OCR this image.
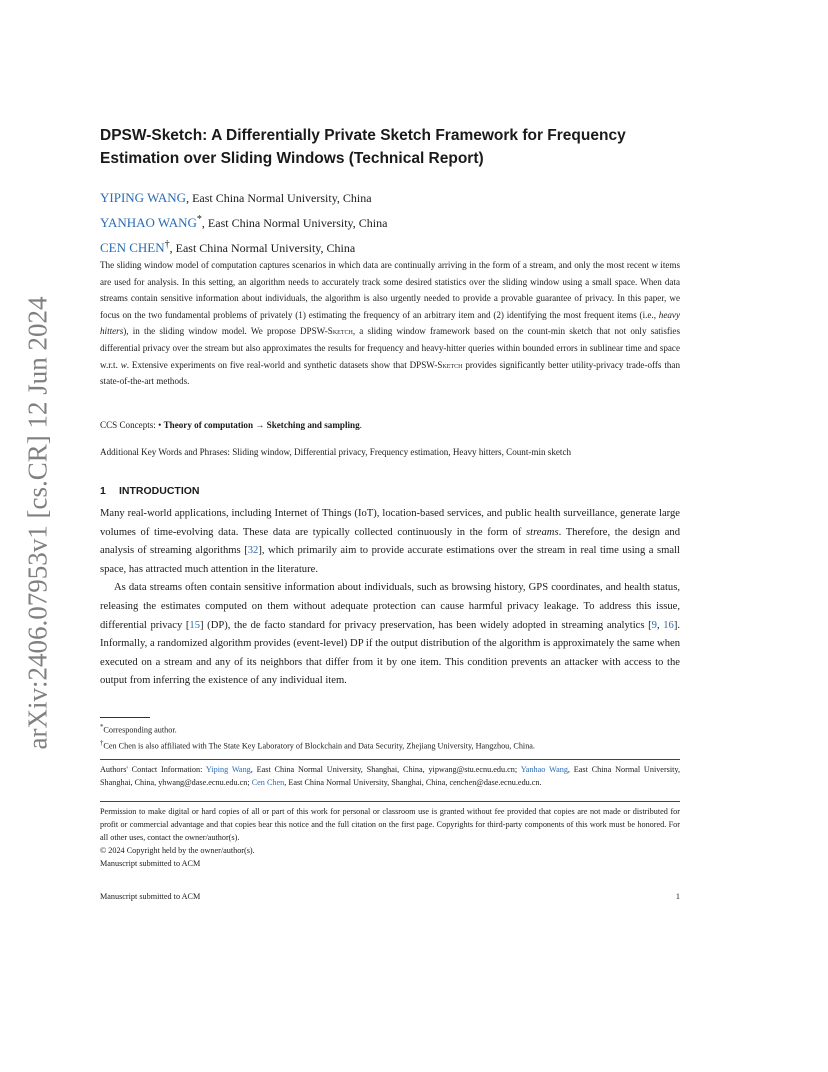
arXiv:2406.07953v1 [cs.CR] 12 Jun 2024
DPSW-Sketch: A Differentially Private Sketch Framework for Frequency Estimation over Sliding Windows (Technical Report)
YIPING WANG, East China Normal University, China
YANHAO WANG*, East China Normal University, China
CEN CHEN†, East China Normal University, China
The sliding window model of computation captures scenarios in which data are continually arriving in the form of a stream, and only the most recent w items are used for analysis. In this setting, an algorithm needs to accurately track some desired statistics over the sliding window using a small space. When data streams contain sensitive information about individuals, the algorithm is also urgently needed to provide a provable guarantee of privacy. In this paper, we focus on the two fundamental problems of privately (1) estimating the frequency of an arbitrary item and (2) identifying the most frequent items (i.e., heavy hitters), in the sliding window model. We propose DPSW-Sketch, a sliding window framework based on the count-min sketch that not only satisfies differential privacy over the stream but also approximates the results for frequency and heavy-hitter queries within bounded errors in sublinear time and space w.r.t. w. Extensive experiments on five real-world and synthetic datasets show that DPSW-Sketch provides significantly better utility-privacy trade-offs than state-of-the-art methods.
CCS Concepts: • Theory of computation → Sketching and sampling.
Additional Key Words and Phrases: Sliding window, Differential privacy, Frequency estimation, Heavy hitters, Count-min sketch
1 INTRODUCTION

Many real-world applications, including Internet of Things (IoT), location-based services, and public health surveillance, generate large volumes of time-evolving data. These data are typically collected continuously in the form of streams. Therefore, the design and analysis of streaming algorithms [32], which primarily aim to provide accurate estimations over the stream in real time using a small space, has attracted much attention in the literature.

As data streams often contain sensitive information about individuals, such as browsing history, GPS coordinates, and health status, releasing the estimates computed on them without adequate protection can cause harmful privacy leakage. To address this issue, differential privacy [15] (DP), the de facto standard for privacy preservation, has been widely adopted in streaming analytics [9, 16]. Informally, a randomized algorithm provides (event-level) DP if the output distribution of the algorithm is approximately the same when executed on a stream and any of its neighbors that differ from it by one item. This condition prevents an attacker with access to the output from inferring the existence of any individual item.

*Corresponding author.
†Cen Chen is also affiliated with The State Key Laboratory of Blockchain and Data Security, Zhejiang University, Hangzhou, China.
Authors' Contact Information: Yiping Wang, East China Normal University, Shanghai, China, yipwang@stu.ecnu.edu.cn; Yanhao Wang, East China Normal University, Shanghai, China, yhwang@dase.ecnu.edu.cn; Cen Chen, East China Normal University, Shanghai, China, cenchen@dase.ecnu.edu.cn.
Permission to make digital or hard copies of all or part of this work for personal or classroom use is granted without fee provided that copies are not made or distributed for profit or commercial advantage and that copies bear this notice and the full citation on the first page. Copyrights for third-party components of this work must be honored. For all other uses, contact the owner/author(s).
© 2024 Copyright held by the owner/author(s).
Manuscript submitted to ACM
Manuscript submitted to ACM	1
